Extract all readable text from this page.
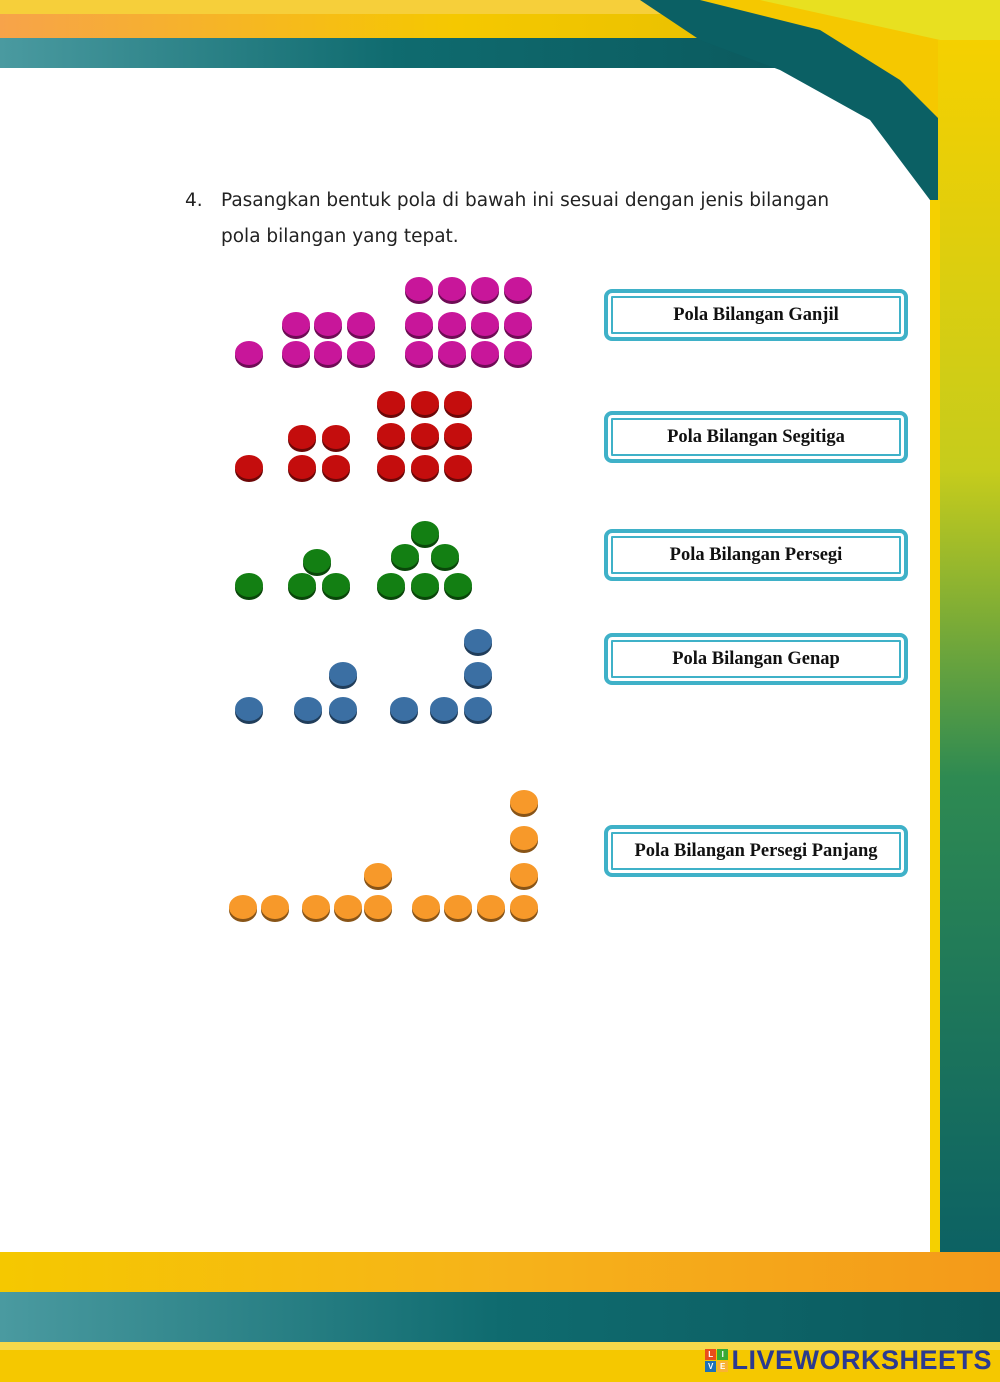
4. Pasangkan bentuk pola di bawah ini sesuai dengan jenis bilangan pola bilangan yang tepat.
Pola Bilangan Ganjil
Pola Bilangan Segitiga
Pola Bilangan Persegi
Pola Bilangan Genap
Pola Bilangan Persegi Panjang
L I
V E LIVEWORKSHEETS
